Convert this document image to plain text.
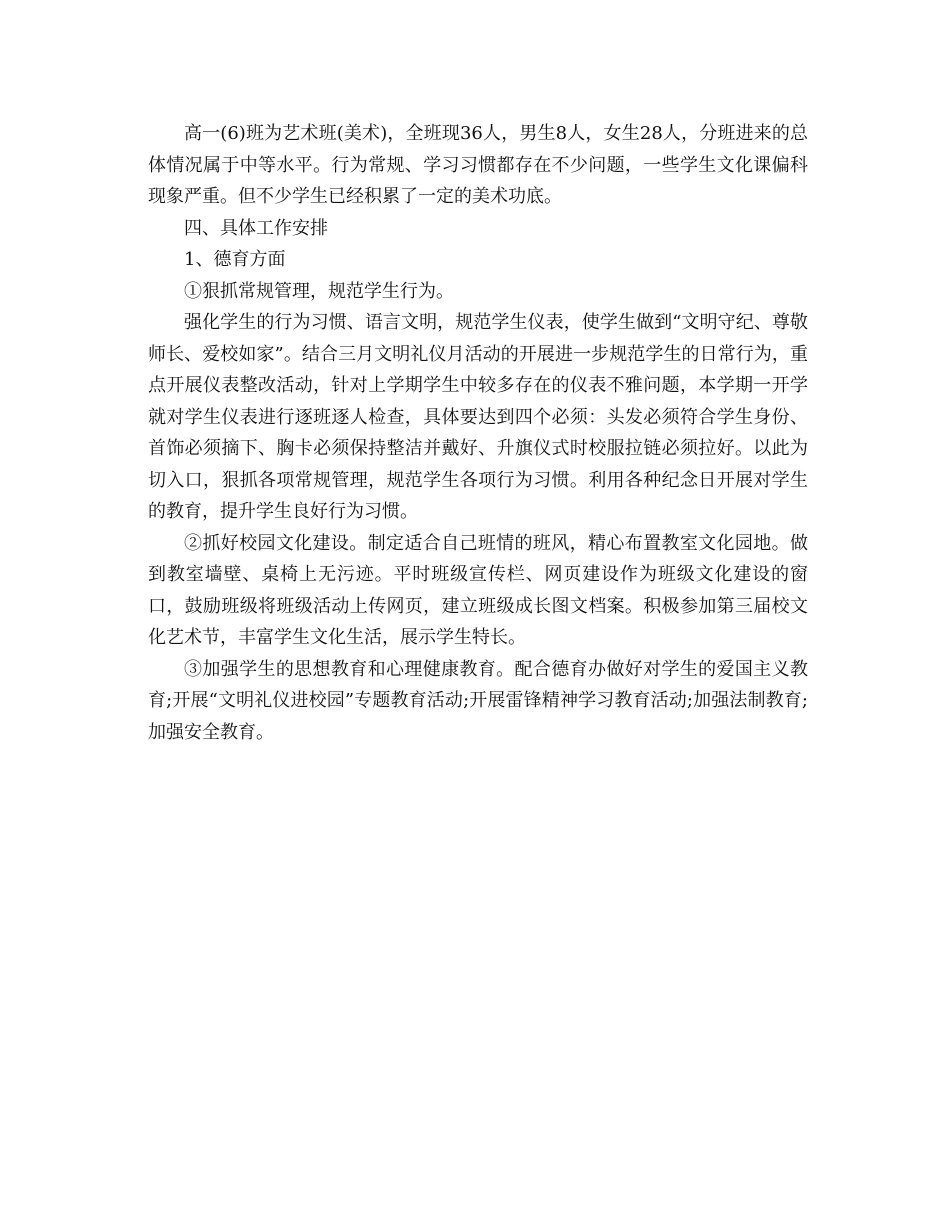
高一(6)班为艺术班(美术)，全班现36人，男生8人，女生28人，分班进来的总体情况属于中等水平。行为常规、学习习惯都存在不少问题，一些学生文化课偏科现象严重。但不少学生已经积累了一定的美术功底。

四、具体工作安排

1、德育方面

①狠抓常规管理，规范学生行为。

强化学生的行为习惯、语言文明，规范学生仪表，使学生做到“文明守纪、尊敬师长、爱校如家”。结合三月文明礼仪月活动的开展进一步规范学生的日常行为，重点开展仪表整改活动，针对上学期学生中较多存在的仪表不雅问题，本学期一开学就对学生仪表进行逐班逐人检查，具体要达到四个必须：头发必须符合学生身份、首饰必须摘下、胸卡必须保持整洁并戴好、升旗仪式时校服拉链必须拉好。以此为切入口，狠抓各项常规管理，规范学生各项行为习惯。利用各种纪念日开展对学生的教育，提升学生良好行为习惯。

②抓好校园文化建设。制定适合自己班情的班风，精心布置教室文化园地。做到教室墙壁、桌椅上无污迹。平时班级宣传栏、网页建设作为班级文化建设的窗口，鼓励班级将班级活动上传网页，建立班级成长图文档案。积极参加第三届校文化艺术节，丰富学生文化生活，展示学生特长。

③加强学生的思想教育和心理健康教育。配合德育办做好对学生的爱国主义教育;开展“文明礼仪进校园”专题教育活动;开展雷锋精神学习教育活动;加强法制教育;加强安全教育。
